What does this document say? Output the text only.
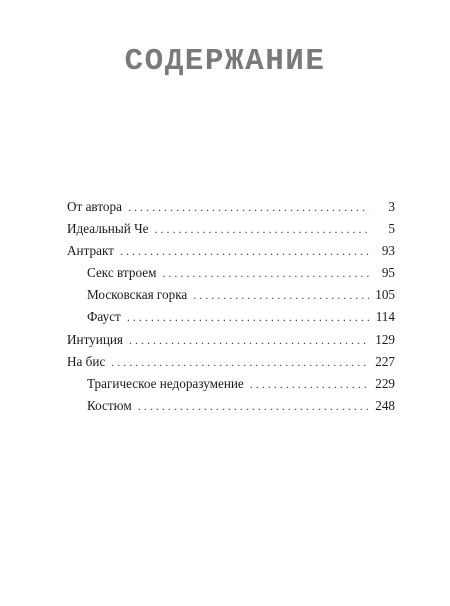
СОДЕРЖАНИЕ
От автора . . .	3
Идеальный Че . . .	5
Антракт . . .	93
Секс втроем . . .	95
Московская горка . . .	105
Фауст . . .	114
Интуиция . . .	129
На бис . . .	227
Трагическое недоразумение . . .	229
Костюм . . .	248
